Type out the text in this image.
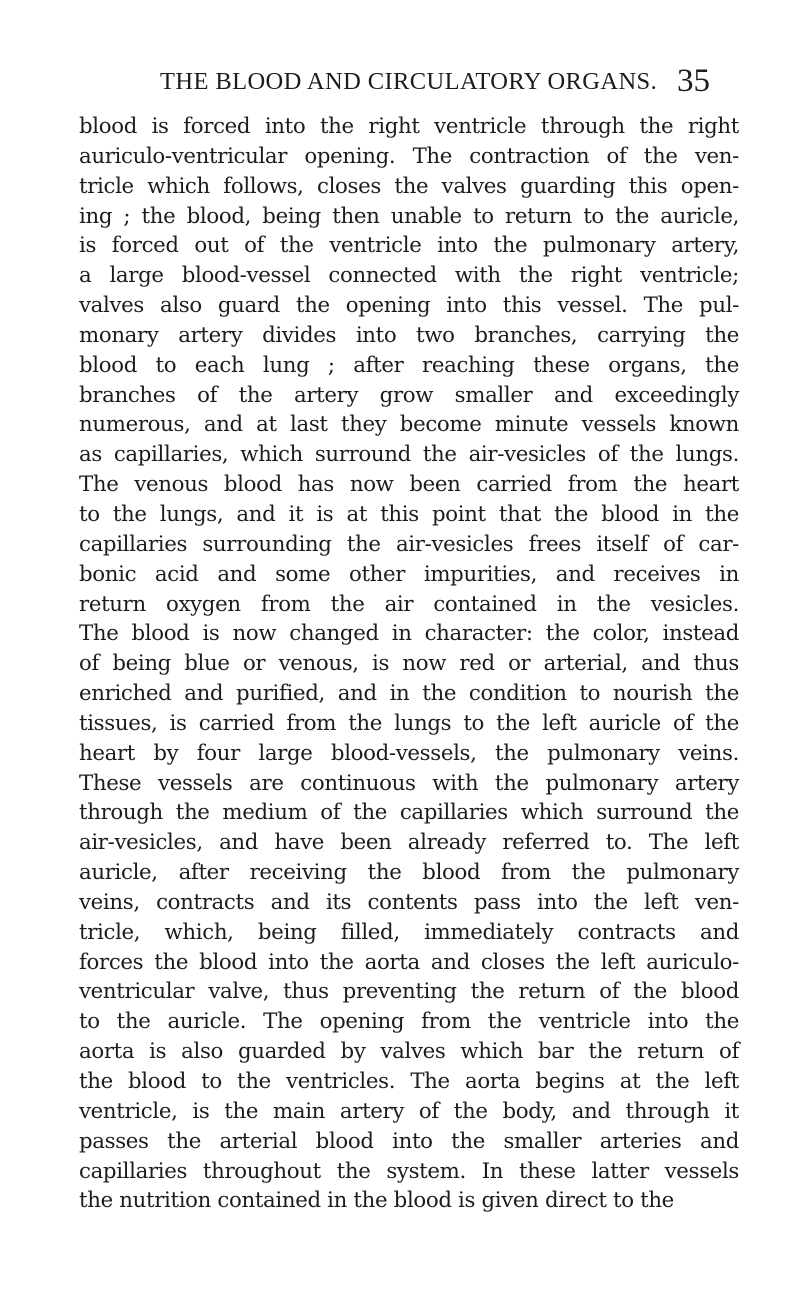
THE BLOOD AND CIRCULATORY ORGANS. 35
blood is forced into the right ventricle through the right
auriculo-ventricular opening. The contraction of the ven-
tricle which follows, closes the valves guarding this open-
ing ; the blood, being then unable to return to the auricle,
is forced out of the ventricle into the pulmonary artery,
a large blood-vessel connected with the right ventricle;
valves also guard the opening into this vessel. The pul-
monary artery divides into two branches, carrying the
blood to each lung ; after reaching these organs, the
branches of the artery grow smaller and exceedingly
numerous, and at last they become minute vessels known
as capillaries, which surround the air-vesicles of the lungs.
The venous blood has now been carried from the heart
to the lungs, and it is at this point that the blood in the
capillaries surrounding the air-vesicles frees itself of car-
bonic acid and some other impurities, and receives in
return oxygen from the air contained in the vesicles.
The blood is now changed in character: the color, instead
of being blue or venous, is now red or arterial, and thus
enriched and purified, and in the condition to nourish the
tissues, is carried from the lungs to the left auricle of the
heart by four large blood-vessels, the pulmonary veins.
These vessels are continuous with the pulmonary artery
through the medium of the capillaries which surround the
air-vesicles, and have been already referred to. The left
auricle, after receiving the blood from the pulmonary
veins, contracts and its contents pass into the left ven-
tricle, which, being filled, immediately contracts and
forces the blood into the aorta and closes the left auriculo-
ventricular valve, thus preventing the return of the blood
to the auricle. The opening from the ventricle into the
aorta is also guarded by valves which bar the return of
the blood to the ventricles. The aorta begins at the left
ventricle, is the main artery of the body, and through it
passes the arterial blood into the smaller arteries and
capillaries throughout the system. In these latter vessels
the nutrition contained in the blood is given direct to the
